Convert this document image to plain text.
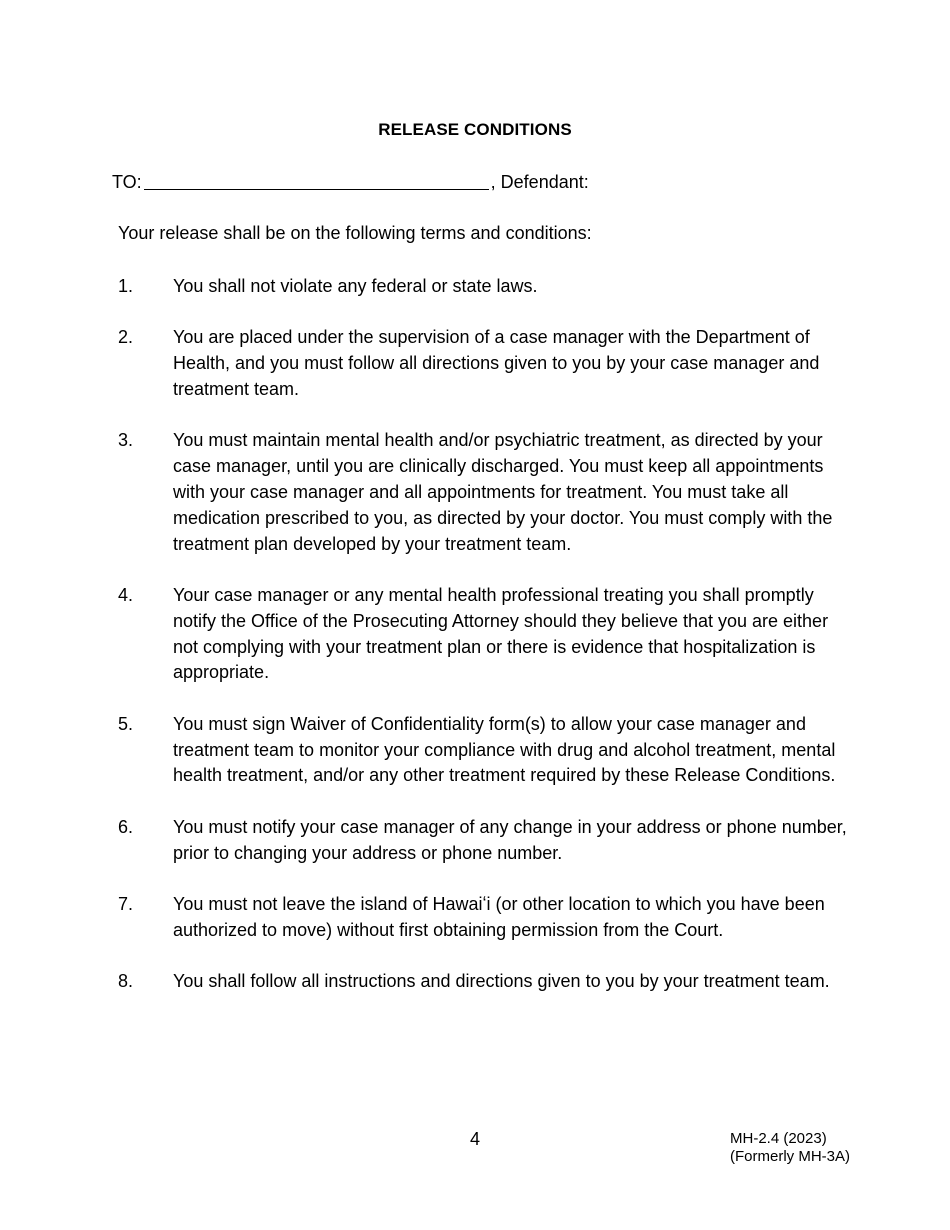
RELEASE CONDITIONS
TO:	, Defendant:
Your release shall be on the following terms and conditions:
1.	You shall not violate any federal or state laws.
2.	You are placed under the supervision of a case manager with the Department of Health, and you must follow all directions given to you by your case manager and treatment team.
3.	You must maintain mental health and/or psychiatric treatment, as directed by your case manager, until you are clinically discharged. You must keep all appointments with your case manager and all appointments for treatment. You must take all medication prescribed to you, as directed by your doctor. You must comply with the treatment plan developed by your treatment team.
4.	Your case manager or any mental health professional treating you shall promptly notify the Office of the Prosecuting Attorney should they believe that you are either not complying with your treatment plan or there is evidence that hospitalization is appropriate.
5.	You must sign Waiver of Confidentiality form(s) to allow your case manager and treatment team to monitor your compliance with drug and alcohol treatment, mental health treatment, and/or any other treatment required by these Release Conditions.
6.	You must notify your case manager of any change in your address or phone number, prior to changing your address or phone number.
7.	You must not leave the island of Hawaiʻi (or other location to which you have been authorized to move) without first obtaining permission from the Court.
8.	You shall follow all instructions and directions given to you by your treatment team.
4	MH-2.4 (2023)
(Formerly MH-3A)
